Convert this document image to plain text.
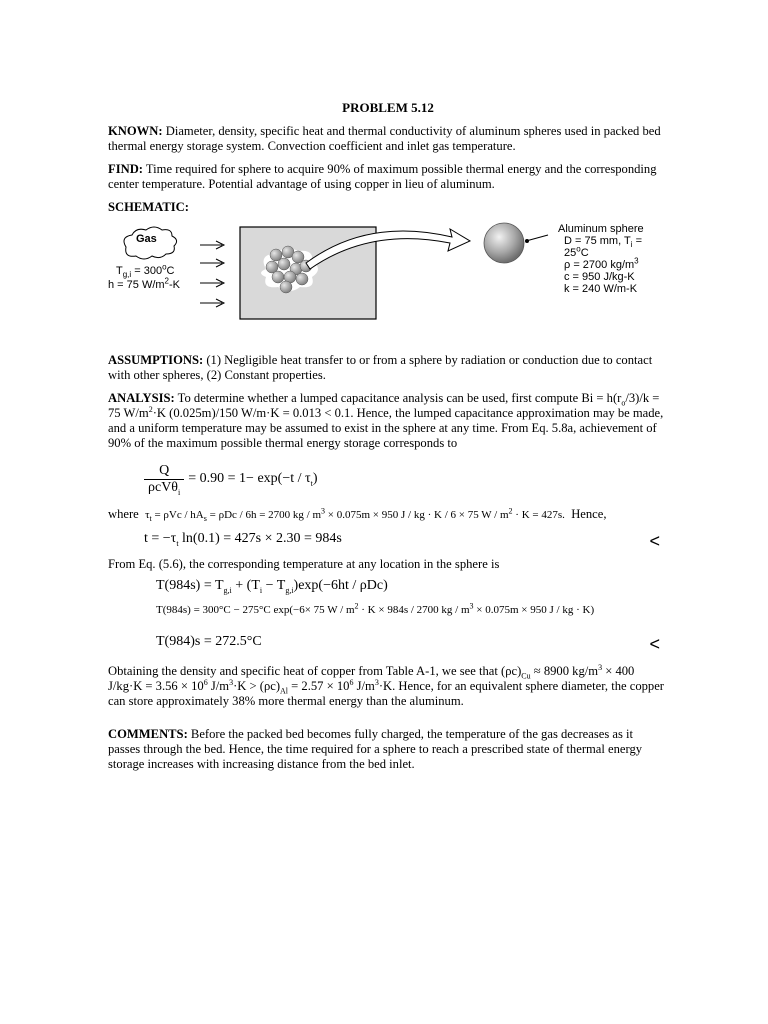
PROBLEM 5.12

KNOWN: Diameter, density, specific heat and thermal conductivity of aluminum spheres used in packed bed thermal energy storage system. Convection coefficient and inlet gas temperature.

FIND: Time required for sphere to acquire 90% of maximum possible thermal energy and the corresponding center temperature. Potential advantage of using copper in lieu of aluminum.

SCHEMATIC:

Gas
$T_{g,i} = 300^oC$
h = 75 $W/m^2-K$
Aluminum sphere
D = 75 mm, $T_i = 25^oC$
ρ = 2700 $kg/m^3$
c = 950 J/kg-K
k = 240 W/m-K

ASSUMPTIONS: (1) Negligible heat transfer to or from a sphere by radiation or conduction due to contact with other spheres, (2) Constant properties.

ANALYSIS: To determine whether a lumped capacitance analysis can be used, first compute $Bi = h(r_o/3)/k = 75$ $W/m^2\cdot K$ (0.025m)/150 W/m·K = 0.013 < 0.1. Hence, the lumped capacitance approximation may be made, and a uniform temperature may be assumed to exist in the sphere at any time. From Eq. 5.8a, achievement of 90% of the maximum possible thermal energy storage corresponds to

$\frac{Q}{\rho cV\theta_i} = 0.90 = 1- \exp(-t / \tau_t)$

where $\tau_t = \rho Vc / hA_s = \rho Dc / 6h = 2700$ kg / $m^3 \times 0.075m \times 950$ J / kg · K / 6 × 75 $W / m^2 \cdot K = 427s$. Hence,

$t = -\tau_t$ ln(0.1) = 427s × 2.30 = 984s	<

From Eq. (5.6), the corresponding temperature at any location in the sphere is

$T(984s) = T_{g,i} + (T_i - T_{g,i})\exp(-6ht / \rho Dc)$
T(984s) = 300°C − 275°C exp(−6× 75 $W / m^2 \cdot K \times 984s / 2700$ kg / $m^3 \times 0.075m \times 950$ J / kg · K)
T(984)s = 272.5°C	<

Obtaining the density and specific heat of copper from Table A-1, we see that $(\rho c)_{Cu} \approx 8900$ $kg/m^3 \times 400$ $J/kg\cdot K = 3.56 \times 10^6$ $J/m^3\cdot K > (\rho c)_{Al} = 2.57 \times 10^6$ $J/m^3\cdot K$. Hence, for an equivalent sphere diameter, the copper can store approximately 38% more thermal energy than the aluminum.

COMMENTS: Before the packed bed becomes fully charged, the temperature of the gas decreases as it passes through the bed. Hence, the time required for a sphere to reach a prescribed state of thermal energy storage increases with increasing distance from the bed inlet.
